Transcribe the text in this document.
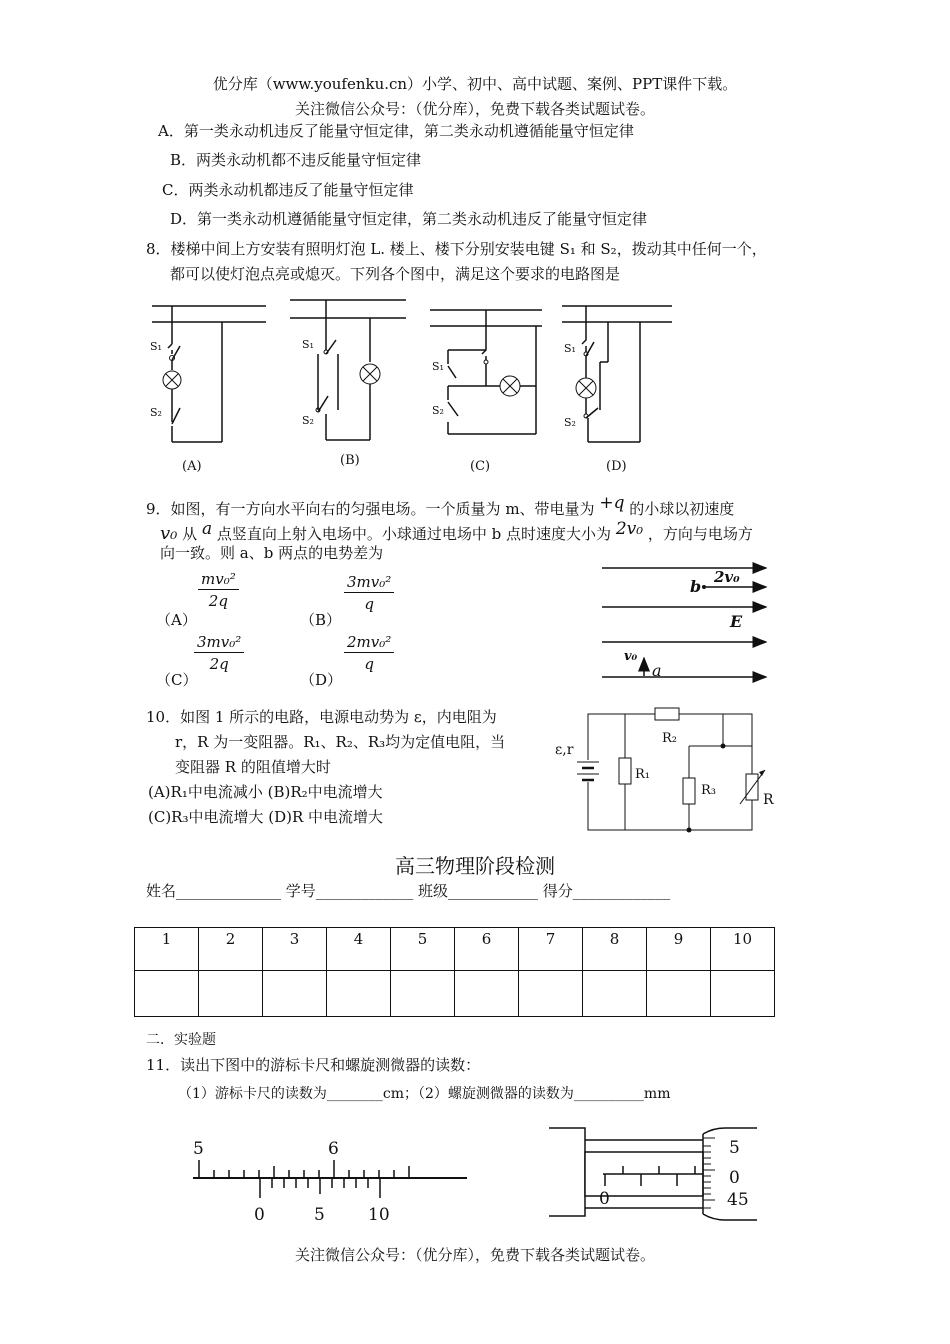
优分库（www.youfenku.cn）小学、初中、高中试题、案例、PPT课件下载。
关注微信公众号：（优分库），免费下载各类试题试卷。
A．第一类永动机违反了能量守恒定律，第二类永动机遵循能量守恒定律
B．两类永动机都不违反能量守恒定律
C．两类永动机都违反了能量守恒定律
D．第一类永动机遵循能量守恒定律，第二类永动机违反了能量守恒定律
8．楼梯中间上方安装有照明灯泡 L. 楼上、楼下分别安装电键 S₁ 和 S₂，拨动其中任何一个，
都可以使灯泡点亮或熄灭。下列各个图中，满足这个要求的电路图是
S₁
S₂
(A)
S₁
S₂
(B)
S₁
S₂
(C)
S₁
S₂
(D)
9．如图，有一方向水平向右的匀强电场。一个质量为 m、带电量为 +q 的小球以初速度
v₀ 从 a 点竖直向上射入电场中。小球通过电场中 b 点时速度大小为 2v₀ ，方向与电场方
向一致。则 a、b 两点的电势差为
（A）
$\frac{\text{mv₀²}}{2q}$
（B）
$\frac{\text{3mv₀²}}{q}$
（C）
$\frac{\text{3mv₀²}}{2q}$
（D）
$\frac{\text{2mv₀²}}{q}$
b 2v₀
E
v₀
a
10．如图 1 所示的电路，电源电动势为 ε，内电阻为
r，R 为一变阻器。R₁、R₂、R₃均为定值电阻，当
变阻器 R 的阻值增大时
(A)R₁中电流减小 (B)R₂中电流增大
(C)R₃中电流增大 (D)R 中电流增大
ε,r
R₁
R₂
R₃
R
高三物理阶段检测
姓名______________ 学号_____________ 班级____________ 得分_____________
1	2	3	4	5	6	7	8	9	10

二．实验题
11．读出下图中的游标卡尺和螺旋测微器的读数：
（1）游标卡尺的读数为________cm；（2）螺旋测微器的读数为__________mm
5	6
0	5	10
5
0
45
0
关注微信公众号：（优分库），免费下载各类试题试卷。
